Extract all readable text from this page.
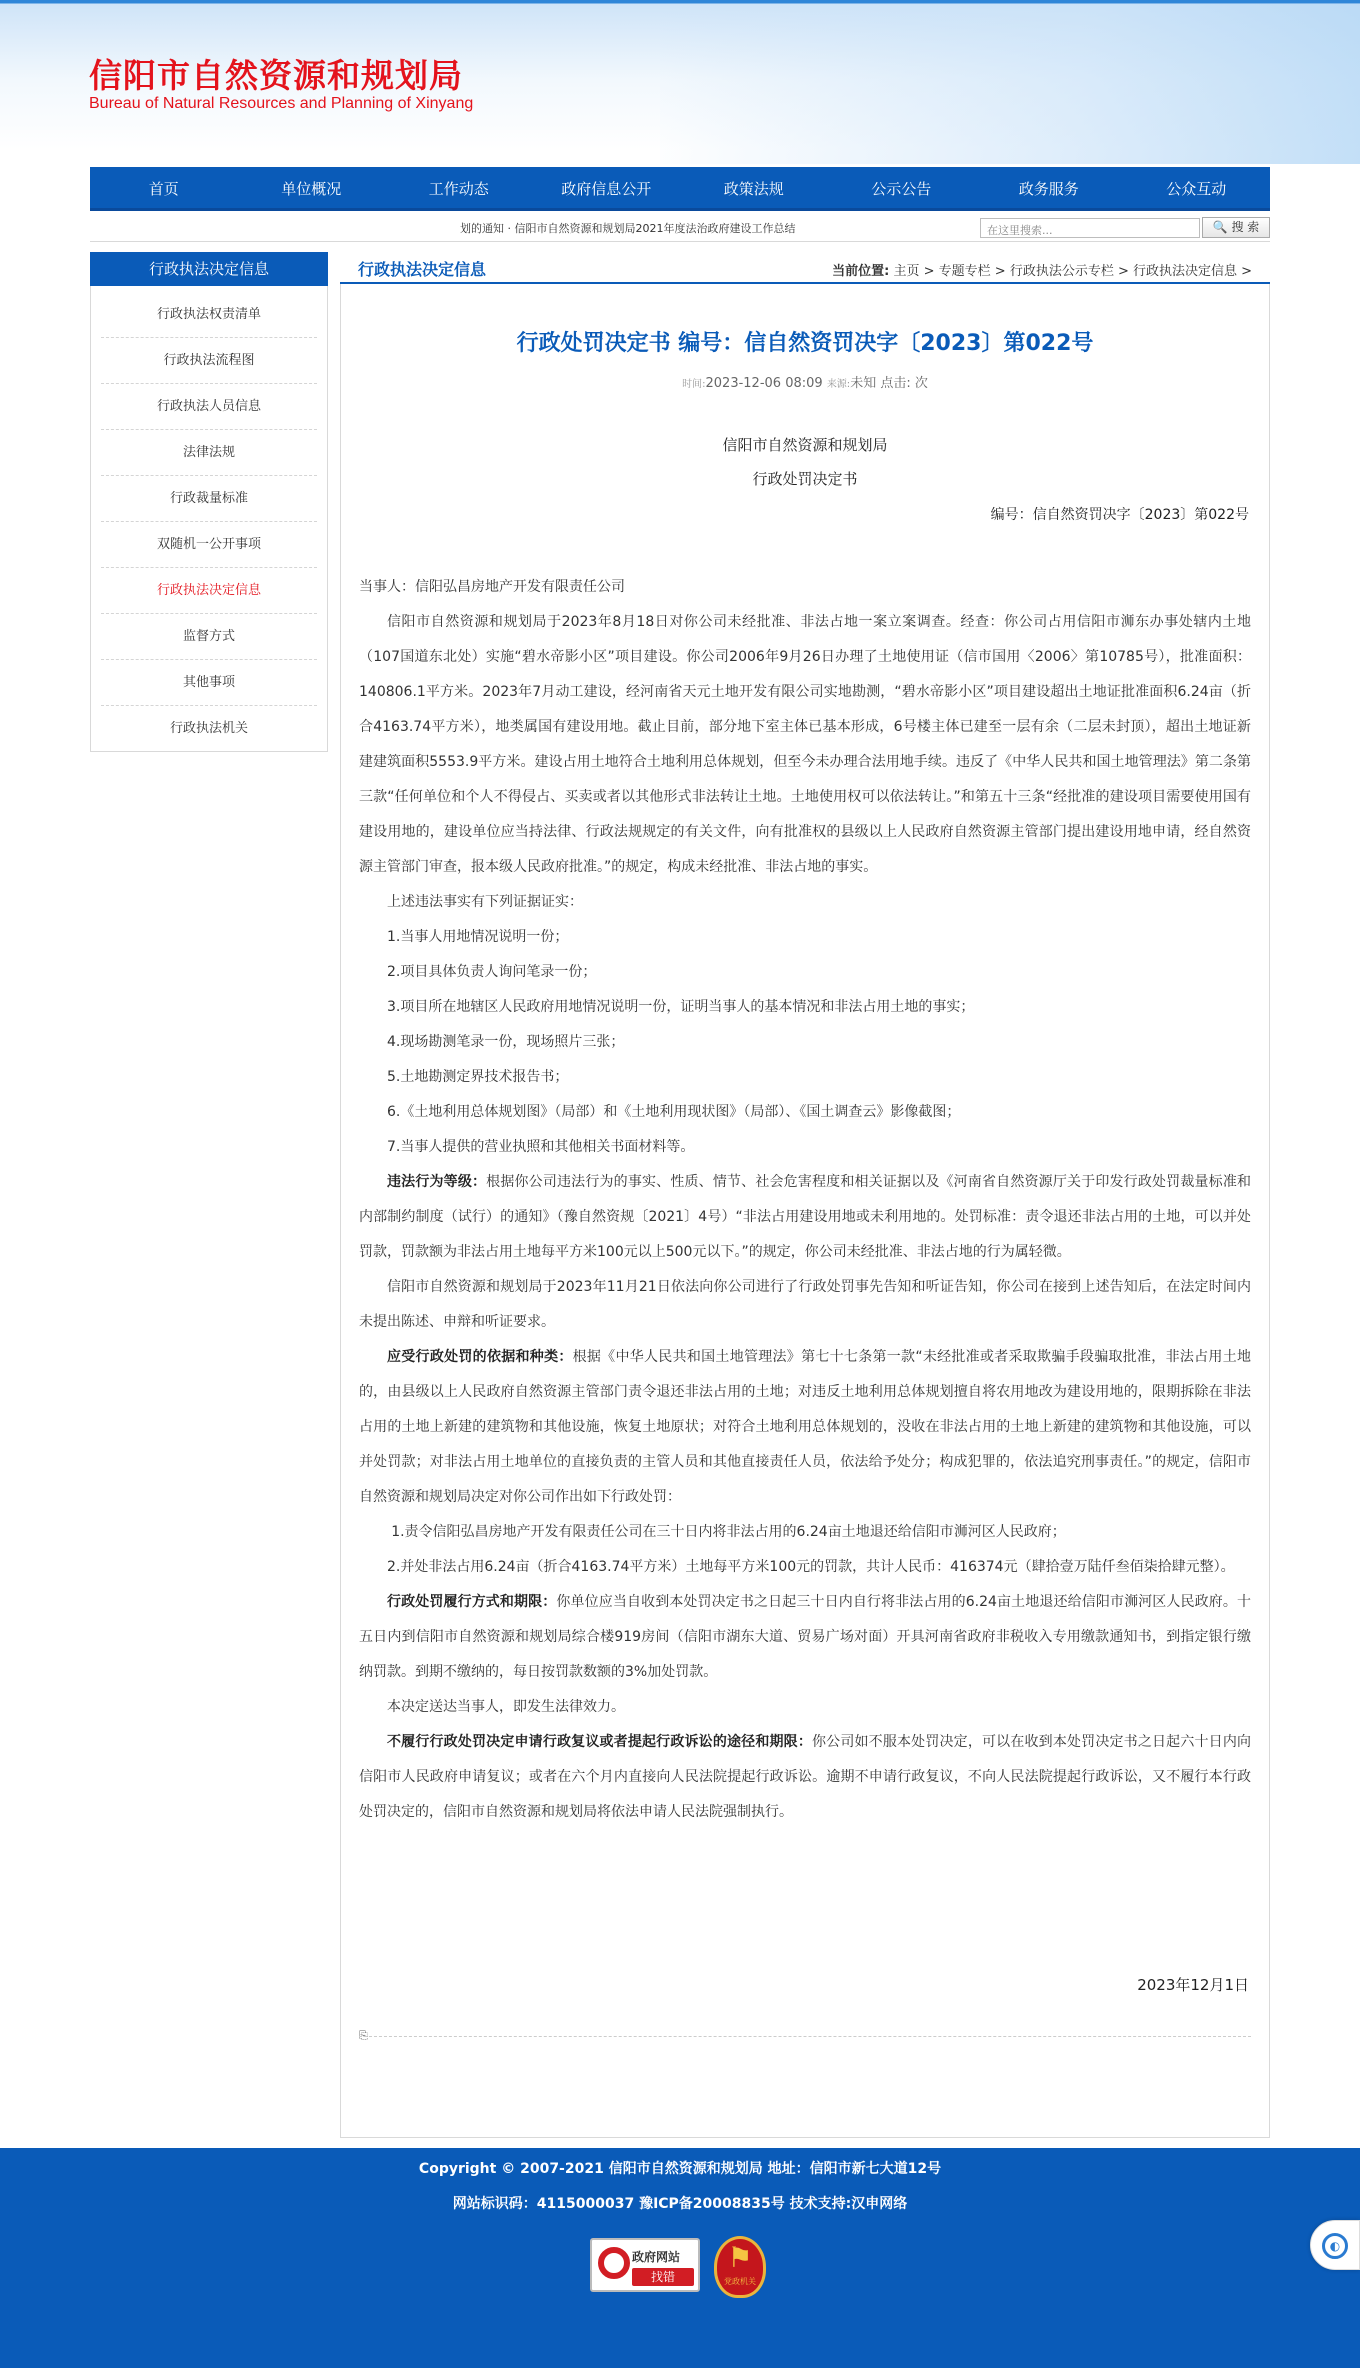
信阳市自然资源和规划局
Bureau of Natural Resources and Planning of Xinyang
首页	单位概况	工作动态	政府信息公开	政策法规	公示公告	政务服务	公众互动
划的通知 · 信阳市自然资源和规划局2021年度法治政府建设工作总结	在这里搜索...	🔍 搜 索
行政执法决定信息
行政执法权责清单
行政执法流程图
行政执法人员信息
法律法规
行政裁量标准
双随机一公开事项
行政执法决定信息
监督方式
其他事项
行政执法机关
行政执法决定信息	当前位置: 主页 > 专题专栏 > 行政执法公示专栏 > 行政执法决定信息 >
行政处罚决定书 编号：信自然资罚决字〔2023〕第022号
时间:2023-12-06 08:09 来源:未知 点击: 次
信阳市自然资源和规划局
行政处罚决定书
编号：信自然资罚决字〔2023〕第022号

当事人：信阳弘昌房地产开发有限责任公司

信阳市自然资源和规划局于2023年8月18日对你公司未经批准、非法占地一案立案调查。经查：你公司占用信阳市浉东办事处辖内土地（107国道东北处）实施“碧水帝影小区”项目建设。你公司2006年9月26日办理了土地使用证（信市国用〈2006〉第10785号），批准面积：140806.1平方米。2023年7月动工建设，经河南省天元土地开发有限公司实地勘测，“碧水帝影小区”项目建设超出土地证批准面积6.24亩（折合4163.74平方米），地类属国有建设用地。截止目前，部分地下室主体已基本形成，6号楼主体已建至一层有余（二层未封顶），超出土地证新建建筑面积5553.9平方米。建设占用土地符合土地利用总体规划，但至今未办理合法用地手续。违反了《中华人民共和国土地管理法》第二条第三款“任何单位和个人不得侵占、买卖或者以其他形式非法转让土地。土地使用权可以依法转让。”和第五十三条“经批准的建设项目需要使用国有建设用地的，建设单位应当持法律、行政法规规定的有关文件，向有批准权的县级以上人民政府自然资源主管部门提出建设用地申请，经自然资源主管部门审查，报本级人民政府批准。”的规定，构成未经批准、非法占地的事实。

上述违法事实有下列证据证实：

1.当事人用地情况说明一份；

2.项目具体负责人询问笔录一份；

3.项目所在地辖区人民政府用地情况说明一份，证明当事人的基本情况和非法占用土地的事实；

4.现场勘测笔录一份，现场照片三张；

5.土地勘测定界技术报告书；

6.《土地利用总体规划图》（局部）和《土地利用现状图》（局部）、《国土调查云》影像截图；

7.当事人提供的营业执照和其他相关书面材料等。

违法行为等级：根据你公司违法行为的事实、性质、情节、社会危害程度和相关证据以及《河南省自然资源厅关于印发行政处罚裁量标准和内部制约制度（试行）的通知》（豫自然资规〔2021〕4号）“非法占用建设用地或未利用地的。处罚标准：责令退还非法占用的土地，可以并处罚款，罚款额为非法占用土地每平方米100元以上500元以下。”的规定，你公司未经批准、非法占地的行为属轻微。

信阳市自然资源和规划局于2023年11月21日依法向你公司进行了行政处罚事先告知和听证告知，你公司在接到上述告知后，在法定时间内未提出陈述、申辩和听证要求。

应受行政处罚的依据和种类：根据《中华人民共和国土地管理法》第七十七条第一款“未经批准或者采取欺骗手段骗取批准，非法占用土地的，由县级以上人民政府自然资源主管部门责令退还非法占用的土地；对违反土地利用总体规划擅自将农用地改为建设用地的，限期拆除在非法占用的土地上新建的建筑物和其他设施，恢复土地原状；对符合土地利用总体规划的，没收在非法占用的土地上新建的建筑物和其他设施，可以并处罚款；对非法占用土地单位的直接负责的主管人员和其他直接责任人员，依法给予处分；构成犯罪的，依法追究刑事责任。”的规定，信阳市自然资源和规划局决定对你公司作出如下行政处罚：

1.责令信阳弘昌房地产开发有限责任公司在三十日内将非法占用的6.24亩土地退还给信阳市浉河区人民政府；

2.并处非法占用6.24亩（折合4163.74平方米）土地每平方米100元的罚款，共计人民币：416374元（肆拾壹万陆仟叁佰柒拾肆元整）。

行政处罚履行方式和期限：你单位应当自收到本处罚决定书之日起三十日内自行将非法占用的6.24亩土地退还给信阳市浉河区人民政府。十五日内到信阳市自然资源和规划局综合楼919房间（信阳市湖东大道、贸易广场对面）开具河南省政府非税收入专用缴款通知书，到指定银行缴纳罚款。到期不缴纳的，每日按罚款数额的3%加处罚款。

本决定送达当事人，即发生法律效力。

不履行行政处罚决定申请行政复议或者提起行政诉讼的途径和期限：你公司如不服本处罚决定，可以在收到本处罚决定书之日起六十日内向信阳市人民政府申请复议；或者在六个月内直接向人民法院提起行政诉讼。逾期不申请行政复议，不向人民法院提起行政诉讼，又不履行本行政处罚决定的，信阳市自然资源和规划局将依法申请人民法院强制执行。

2023年12月1日
⎘
Copyright © 2007-2021 信阳市自然资源和规划局 地址：信阳市新七大道12号
网站标识码：4115000037 豫ICP备20008835号 技术支持:汉申网络
政府网站
找错
⚑
党政机关
◐
